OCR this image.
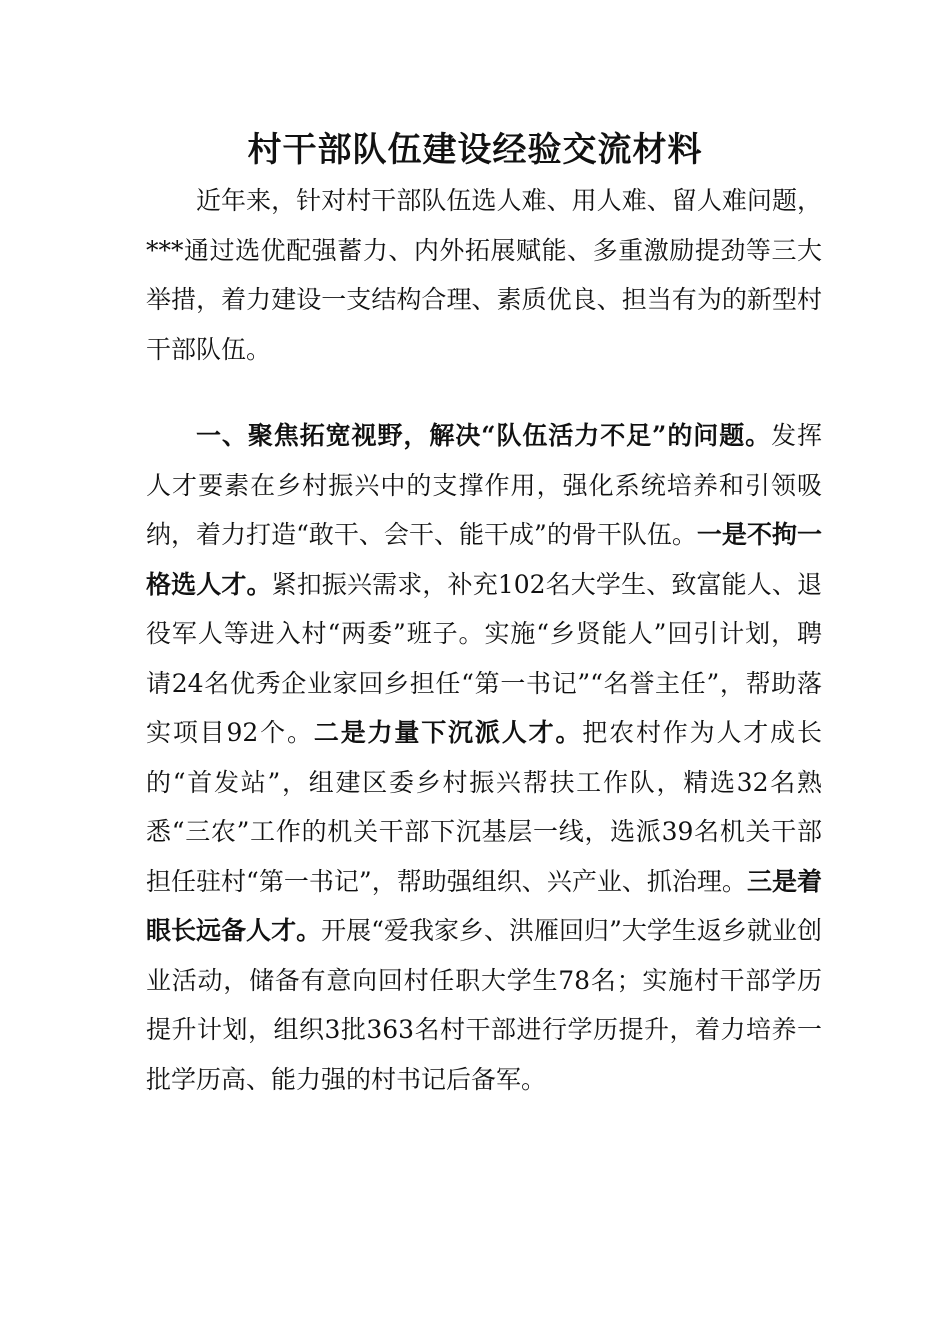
村干部队伍建设经验交流材料

近年来，针对村干部队伍选人难、用人难、留人难问题，***通过选优配强蓄力、内外拓展赋能、多重激励提劲等三大举措，着力建设一支结构合理、素质优良、担当有为的新型村干部队伍。

一、聚焦拓宽视野，解决“队伍活力不足”的问题。发挥人才要素在乡村振兴中的支撑作用，强化系统培养和引领吸纳，着力打造“敢干、会干、能干成”的骨干队伍。一是不拘一格选人才。紧扣振兴需求，补充102名大学生、致富能人、退役军人等进入村“两委”班子。实施“乡贤能人”回引计划，聘请24名优秀企业家回乡担任“第一书记”“名誉主任”，帮助落实项目92个。二是力量下沉派人才。把农村作为人才成长的“首发站”，组建区委乡村振兴帮扶工作队，精选32名熟悉“三农”工作的机关干部下沉基层一线，选派39名机关干部担任驻村“第一书记”，帮助强组织、兴产业、抓治理。三是着眼长远备人才。开展“爱我家乡、洪雁回归”大学生返乡就业创业活动，储备有意向回村任职大学生78名；实施村干部学历提升计划，组织3批363名村干部进行学历提升，着力培养一批学历高、能力强的村书记后备军。
